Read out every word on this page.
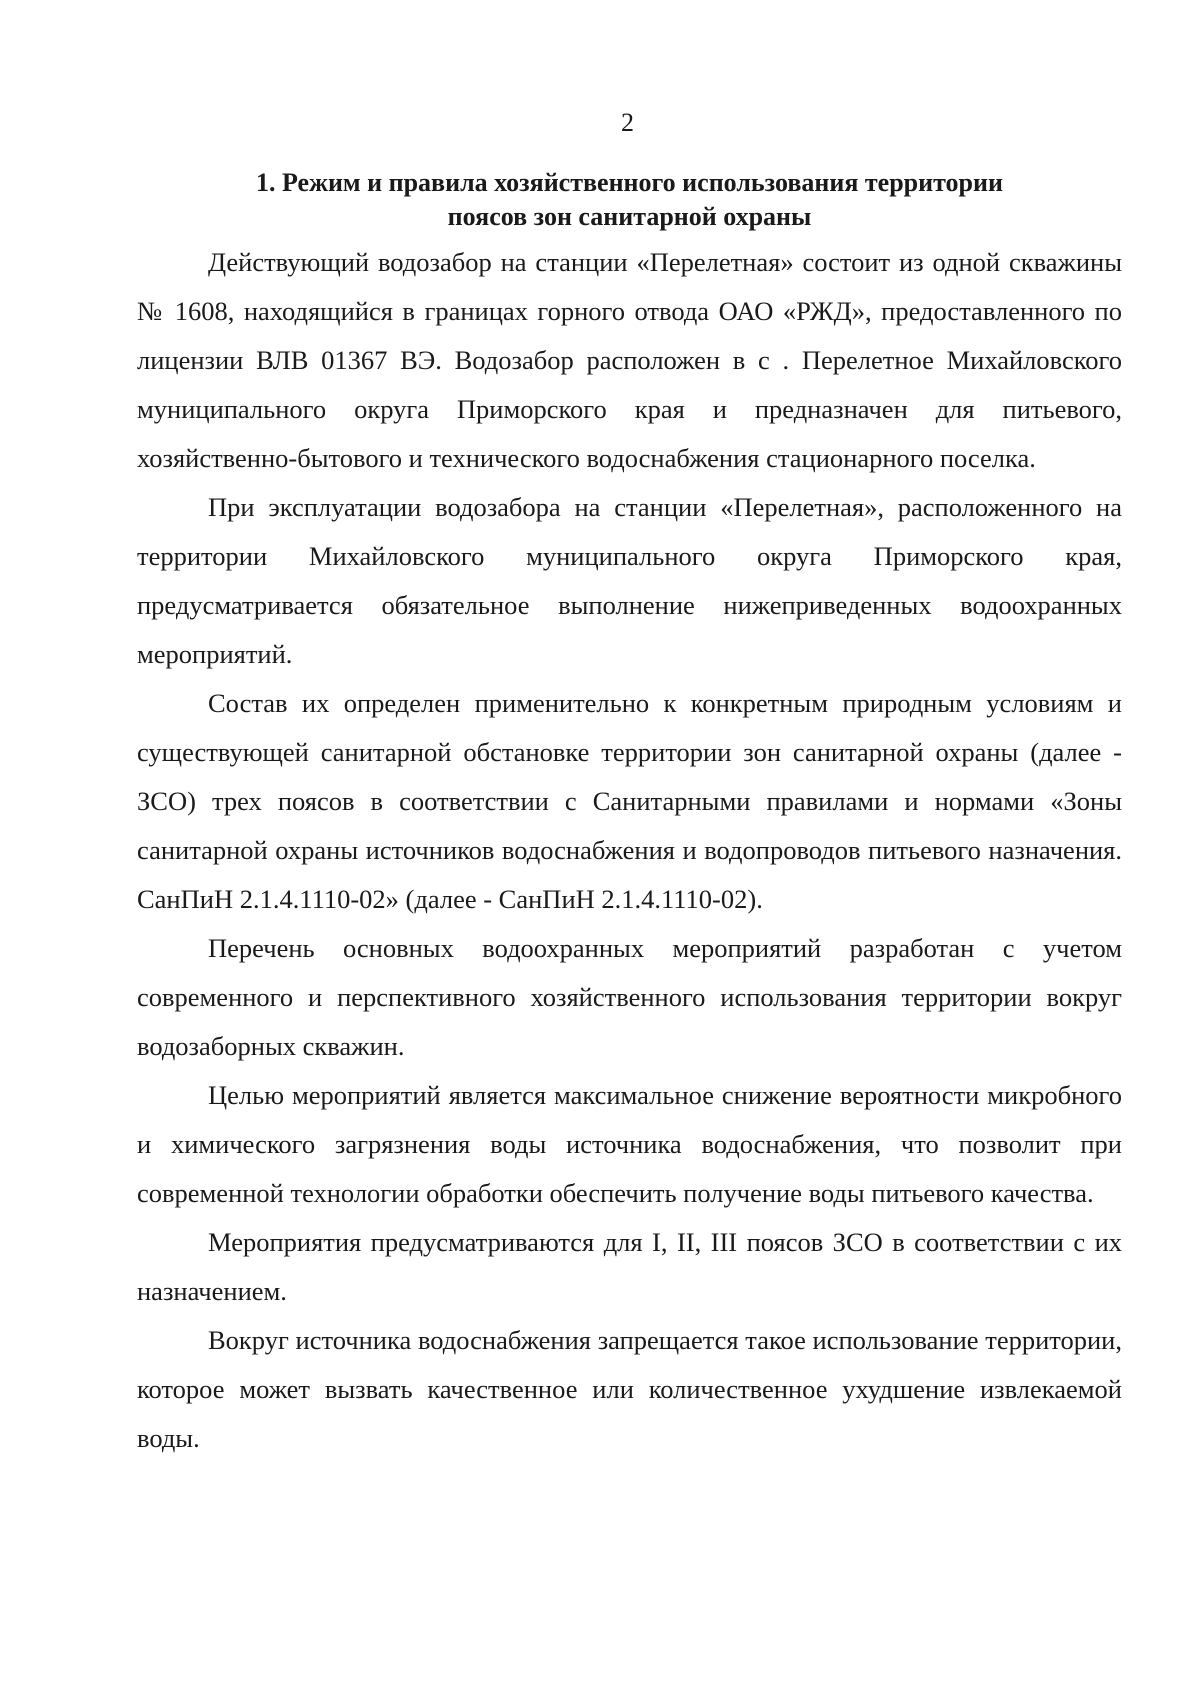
2
1. Режим и правила хозяйственного использования территории
поясов зон санитарной охраны

Действующий водозабор на станции «Перелетная» состоит из одной скважины № 1608, находящийся в границах горного отвода ОАО «РЖД», предоставленного по лицензии ВЛВ 01367 ВЭ. Водозабор расположен в с . Перелетное Михайловского муниципального округа Приморского края и предназначен для питьевого, хозяйственно-бытового и технического водоснабжения стационарного поселка.

При эксплуатации водозабора на станции «Перелетная», расположенного на территории Михайловского муниципального округа Приморского края, предусматривается обязательное выполнение нижеприведенных водоохранных мероприятий.

Состав их определен применительно к конкретным природным условиям и существующей санитарной обстановке территории зон санитарной охраны (далее - ЗСО) трех поясов в соответствии с Санитарными правилами и нормами «Зоны санитарной охраны источников водоснабжения и водопроводов питьевого назначения. СанПиН 2.1.4.1110-02» (далее - СанПиН 2.1.4.1110-02).

Перечень основных водоохранных мероприятий разработан с учетом современного и перспективного хозяйственного использования территории вокруг водозаборных скважин.

Целью мероприятий является максимальное снижение вероятности микробного и химического загрязнения воды источника водоснабжения, что позволит при современной технологии обработки обеспечить получение воды питьевого качества.

Мероприятия предусматриваются для I, II, III поясов ЗСО в соответствии с их назначением.

Вокруг источника водоснабжения запрещается такое использование территории, которое может вызвать качественное или количественное ухудшение извлекаемой воды.
